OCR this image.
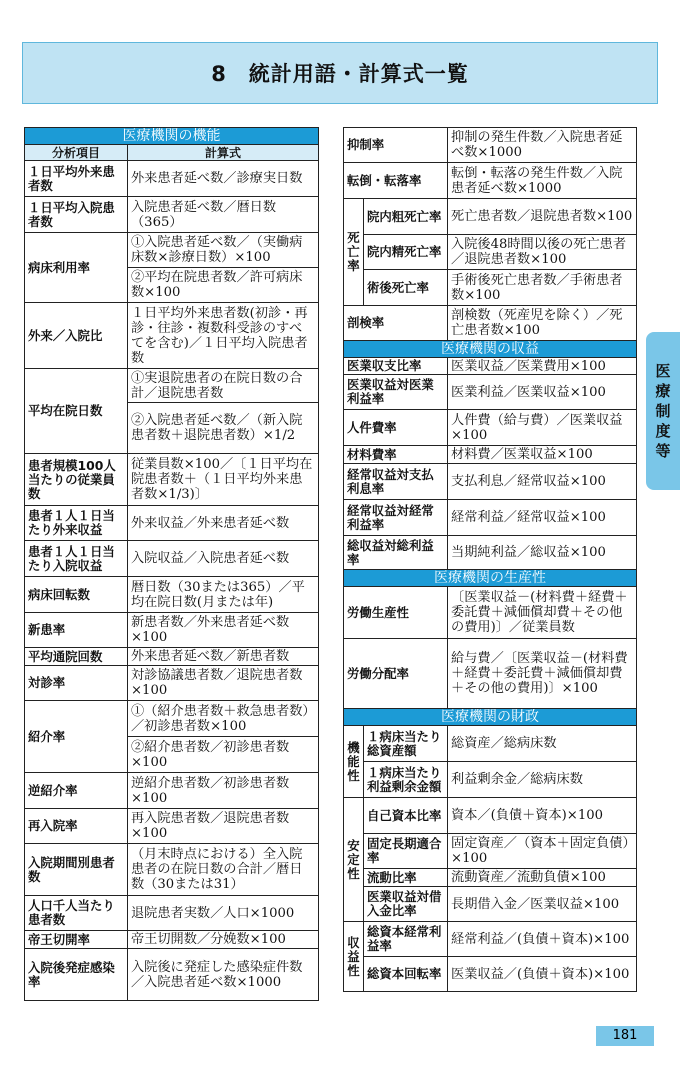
8　統計用語・計算式一覧
医療機関の機能	
分析項目	計算式
１日平均外来患者数	外来患者延べ数／診療実日数
１日平均入院患者数	入院患者延べ数／暦日数（365）
病床利用率	①入院患者延べ数／（実働病床数×診療日数）×100
	②平均在院患者数／許可病床数×100
外来／入院比	１日平均外来患者数(初診・再診・往診・複数科受診のすべてを含む)／１日平均入院患者数
平均在院日数	①実退院患者の在院日数の合計／退院患者数
	②入院患者延べ数／（新入院患者数＋退院患者数）×1/2
患者規模100人当たりの従業員数	従業員数×100／〔１日平均在院患者数＋（１日平均外来患者数×1/3)〕
患者１人１日当たり外来収益	外来収益／外来患者延べ数
患者１人１日当たり入院収益	入院収益／入院患者延べ数
病床回転数	暦日数（30または365）／平均在院日数(月または年)
新患率	新患者数／外来患者延べ数×100
平均通院回数	外来患者延べ数／新患者数
対診率	対診協議患者数／退院患者数×100
紹介率	①（紹介患者数＋救急患者数）／初診患者数×100
	②紹介患者数／初診患者数×100
逆紹介率	逆紹介患者数／初診患者数×100
再入院率	再入院患者数／退院患者数×100
入院期間別患者数	（月末時点における）全入院患者の在院日数の合計／暦日数（30または31）
人口千人当たり患者数	退院患者実数／人口×1000
帝王切開率	帝王切開数／分娩数×100
入院後発症感染率	入院後に発症した感染症件数／入院患者延べ数×1000
抑制率		抑制の発生件数／入院患者延べ数×1000
転倒・転落率		転倒・転落の発生件数／入院患者延べ数×1000

死
亡
率	院内粗死亡率	死亡患者数／退院患者数×100
	院内精死亡率	入院後48時間以後の死亡患者／退院患者数×100
	術後死亡率	手術後死亡患者数／手術患者数×100
剖検率		剖検数（死産児を除く）／死亡患者数×100
医療機関の収益		
医業収支比率		医業収益／医業費用×100
医業収益対医業利益率		医業利益／医業収益×100
人件費率		人件費（給与費）／医業収益×100
材料費率		材料費／医業収益×100
経常収益対支払利息率		支払利息／経常収益×100
経常収益対経常利益率		経常利益／経常収益×100
総収益対総利益率		当期純利益／総収益×100
医療機関の生産性		
労働生産性		〔医業収益－(材料費＋経費＋委託費＋減価償却費＋その他の費用)〕／従業員数
労働分配率		給与費／〔医業収益－(材料費＋経費＋委託費＋減価償却費
＋その他の費用)〕×100

医療機関の財政		

機
能
性	１病床当たり総資産額	総資産／総病床数
	１病床当たり利益剰余金額	利益剰余金／総病床数

安
定
性	自己資本比率	資本／(負債＋資本)×100
	固定長期適合率	固定資産／（資本＋固定負債）×100
	流動比率	流動資産／流動負債×100
	医業収益対借入金比率	長期借入金／医業収益×100

収
益
性	総資本経常利益率	経常利益／(負債＋資本)×100
	総資本回転率	医業収益／(負債＋資本)×100
医
療
制
度
等
181
